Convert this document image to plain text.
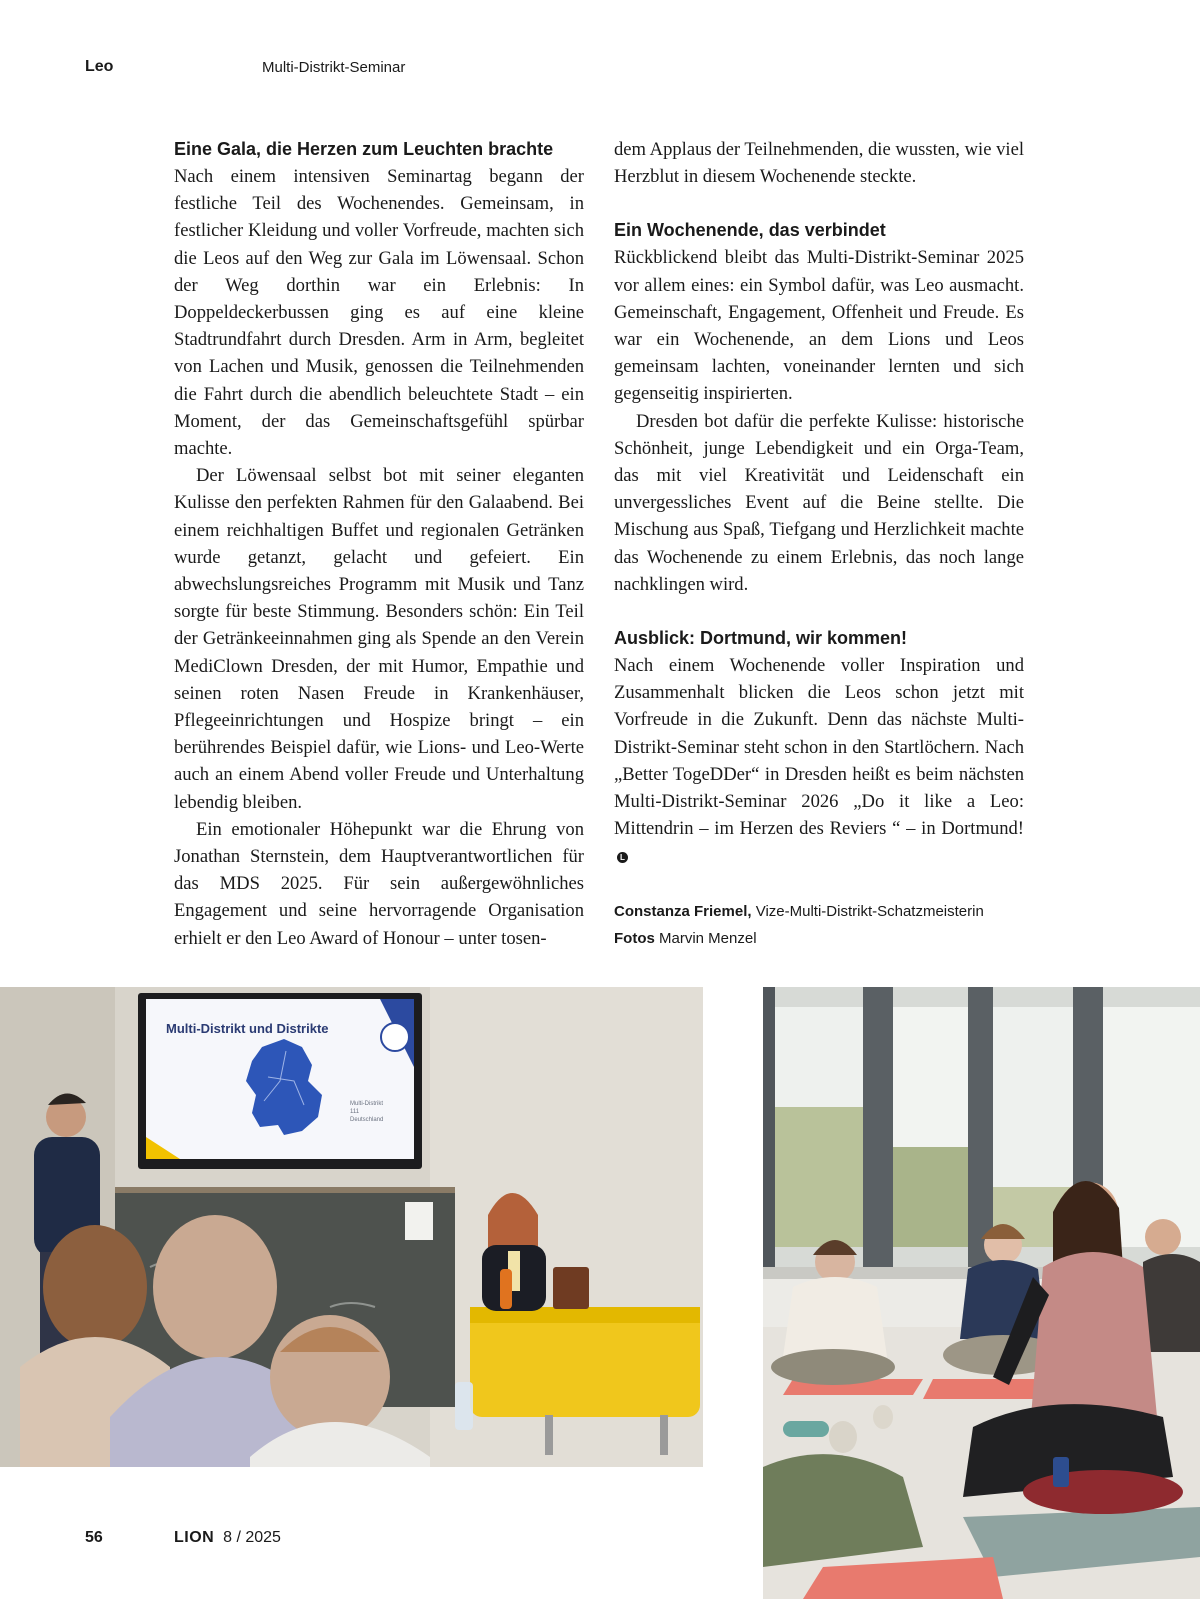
Leo	Multi-Distrikt-Seminar
Eine Gala, die Herzen zum Leuchten brachte

Nach einem intensiven Seminartag begann der festliche Teil des Wochenendes. Gemeinsam, in festlicher Kleidung und voller Vorfreude, machten sich die Leos auf den Weg zur Gala im Löwensaal. Schon der Weg dorthin war ein Erlebnis: In Doppeldeckerbussen ging es auf eine kleine Stadtrundfahrt durch Dresden. Arm in Arm, begleitet von Lachen und Musik, genossen die Teilnehmenden die Fahrt durch die abendlich beleuchtete Stadt – ein Moment, der das Gemeinschaftsgefühl spürbar machte.

Der Löwensaal selbst bot mit seiner eleganten Kulisse den perfekten Rahmen für den Galaabend. Bei einem reichhaltigen Buffet und regionalen Getränken wurde getanzt, gelacht und gefeiert. Ein abwechslungsreiches Programm mit Musik und Tanz sorgte für beste Stimmung. Besonders schön: Ein Teil der Getränkeeinnahmen ging als Spende an den Verein MediClown Dresden, der mit Humor, Empathie und seinen roten Nasen Freude in Krankenhäuser, Pflegeeinrichtungen und Hospize bringt – ein berührendes Beispiel dafür, wie Lions- und Leo-Werte auch an einem Abend voller Freude und Unterhaltung lebendig bleiben.

Ein emotionaler Höhepunkt war die Ehrung von Jonathan Sternstein, dem Hauptverantwortlichen für das MDS 2025. Für sein außergewöhnliches Engagement und seine hervorragende Organisation erhielt er den Leo Award of Honour – unter tosen-

dem Applaus der Teilnehmenden, die wussten, wie viel Herzblut in diesem Wochenende steckte.

Ein Wochenende, das verbindet

Rückblickend bleibt das Multi-Distrikt-Seminar 2025 vor allem eines: ein Symbol dafür, was Leo ausmacht. Gemeinschaft, Engagement, Offenheit und Freude. Es war ein Wochenende, an dem Lions und Leos gemeinsam lachten, voneinander lernten und sich gegenseitig inspirierten.

Dresden bot dafür die perfekte Kulisse: historische Schönheit, junge Lebendigkeit und ein Orga-Team, das mit viel Kreativität und Leidenschaft ein unvergessliches Event auf die Beine stellte. Die Mischung aus Spaß, Tiefgang und Herzlichkeit machte das Wochenende zu einem Erlebnis, das noch lange nachklingen wird.

Ausblick: Dortmund, wir kommen!

Nach einem Wochenende voller Inspiration und Zusammenhalt blicken die Leos schon jetzt mit Vorfreude in die Zukunft. Denn das nächste Multi-Distrikt-Seminar steht schon in den Startlöchern. Nach „Better TogeDDer“ in Dresden heißt es beim nächsten Multi-Distrikt-Seminar 2026 „Do it like a Leo: Mittendrin – im Herzen des Reviers “ – in Dortmund!L

Constanza Friemel, Vize-Multi-Distrikt-Schatzmeisterin
Fotos Marvin Menzel
Multi-Distrikt und Distrikte
Multi-Distrikt
111
Deutschland
56	LION 8 / 2025
